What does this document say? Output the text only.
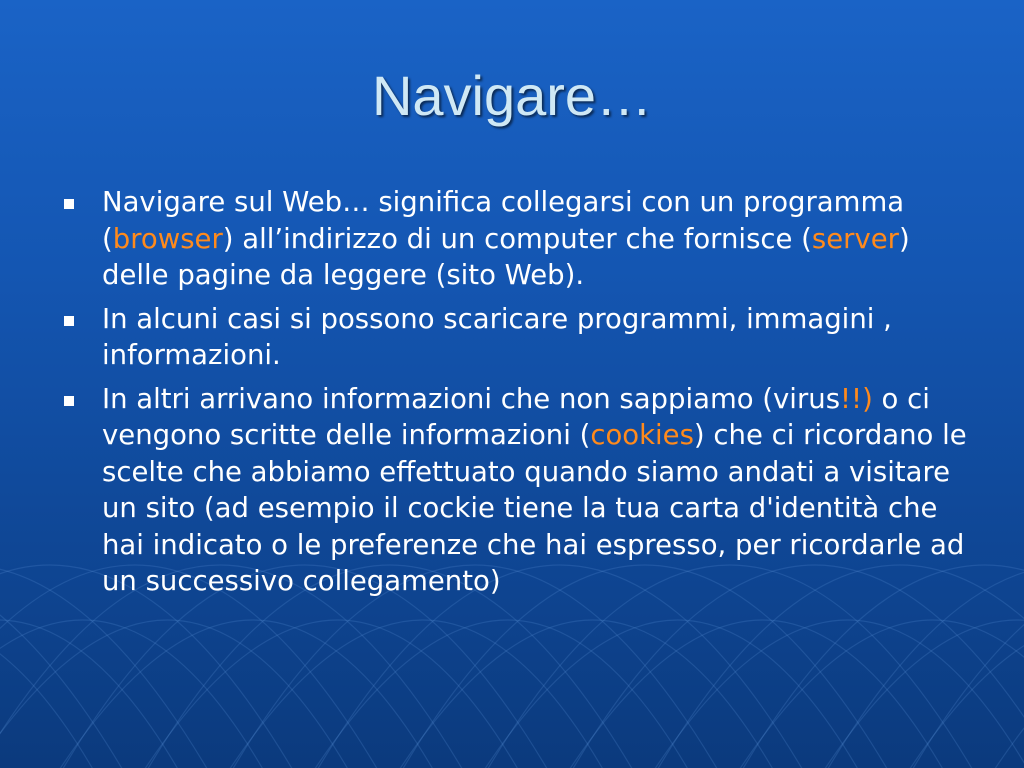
Navigare…
Navigare sul Web… significa collegarsi con un programma (browser) all’indirizzo di un computer che fornisce (server) delle pagine da leggere (sito Web).
In alcuni casi si possono scaricare programmi, immagini , informazioni.
In altri arrivano informazioni che non sappiamo (virus!!) o ci vengono scritte delle informazioni (cookies) che ci ricordano le scelte che abbiamo effettuato quando siamo andati a visitare un sito (ad esempio il cockie tiene la tua carta d'identità che hai indicato o le preferenze che hai espresso, per ricordarle ad un successivo collegamento)
